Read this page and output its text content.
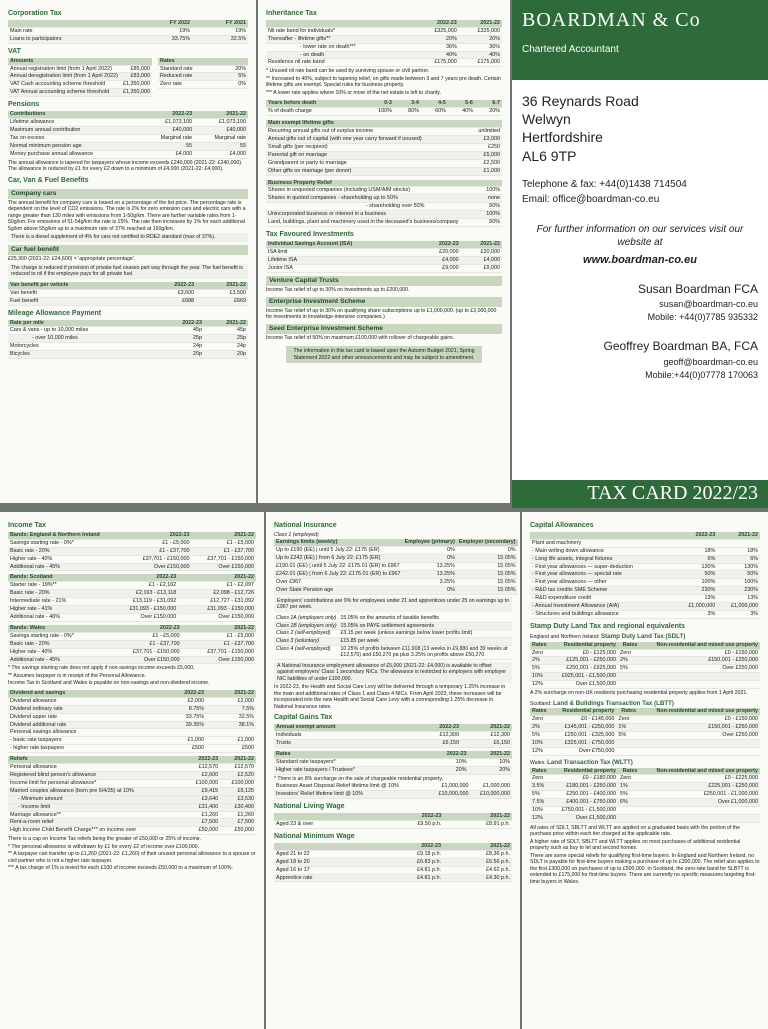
Corporation Tax
	FY 2022	FY 2021
Main rate	19%	19%
Loans to participators	33.75%	32.5%
VAT
Amounts	
Annual registration limit (from 1 April 2022)	£85,000
Annual deregistration limit (from 1 April 2022)	£83,000
VAT Cash accounting scheme threshold	£1,350,000
VAT Annual accounting scheme threshold	£1,350,000
Rates	
Standard rate	20%
Reduced rate	5%
Zero rate	0%
Pensions
Contributions	2022-23	2021-22
Lifetime allowance	£1,073,100	£1,073,100
Maximum annual contribution	£40,000	£40,000
Tax on excess	Marginal rate	Marginal rate
Normal minimum pension age	55	55
Money purchase annual allowance	£4,000	£4,000
The annual allowance is tapered for taxpayers whose income exceeds £240,000 (2021-22: £240,000). The allowance is reduced by £1 for every £2 down to a minimum of £4,000 (2021-22: £4,000).
Car, Van & Fuel Benefits
Company cars
The annual benefit for company cars is based on a percentage of the list price. The percentage rate is dependent on the level of CO2 emissions. The rate is 2% for zero emission cars and electric cars with a range greater than 130 miles with emissions from 1-50g/km. There are further variable rates from 1-50g/km. For emissions of 51-54g/km the rate is 15%. The rate then increases by 1% for each additional 5g/km above 55g/km up to a maximum rate of 37% reached at 160g/km.
There is a diesel supplement of 4% for cars not certified to RDE2 standard (max of 37%).
Car fuel benefit
£25,300 (2021-22: £24,600) × 'appropriate percentage'.
The charge is reduced if provision of private fuel ceases part way through the year. The fuel benefit is reduced to nil if the employee pays for all private fuel.
Van benefit per vehicle	2022-23	2021-22
Van benefit	£3,600	£3,500
Fuel benefit	£688	£669
Mileage Allowance Payment
Rate per mile	2022-23	2021-22
Cars & vans - up to 10,000 miles	45p	45p
- over 10,000 miles	25p	25p
Motorcycles	24p	24p
Bicycles	20p	20p
Inheritance Tax
	2022-23	2021-22
Nil rate band for individuals*	£325,000	£325,000
Thereafter - lifetime gifts**	20%	20%
- lower rate on death***	36%	36%
- on death	40%	40%
Residence nil rate band	£175,000	£175,000
* Unused nil rate band can be used by surviving spouse or civil partner.
** Increased to 40%, subject to tapering relief, on gifts made between 3 and 7 years pre death. Certain lifetime gifts are exempt. Special rules for business property.
*** A lower rate applies where 10% or more of the net estate is left to charity.
Years before death	0-3	3-4	4-5	5-6	6-7
% of death charge	100%	80%	60%	40%	20%
Main exempt lifetime gifts	
Recurring annual gifts out of surplus income	unlimited
Annual gifts out of capital (with one year carry forward if unused)	£3,000
Small gifts (per recipient)	£250
Parental gift on marriage	£5,000
Grandparent or party to marriage	£2,500
Other gifts on marriage (per donor)	£1,000
Business Property Relief	
Shares in unquoted companies (including USM/AIM stocks)	100%
Shares in quoted companies - shareholding up to 50%	none
- shareholding over 50%	50%
Unincorporated business or interest in a business	100%
Land, buildings, plant and machinery used in the deceased's business/company	50%
Tax Favoured Investments
Individual Savings Account (ISA)	2022-23	2021-22
ISA limit	£20,000	£20,000
Lifetime ISA	£4,000	£4,000
Junior ISA	£9,000	£9,000
Venture Capital Trusts
Income Tax relief of up to 30% on investments up to £200,000.
Enterprise Investment Scheme
Income Tax relief of up to 30% on qualifying share subscriptions up to £1,000,000. (up to £2,000,000 for investments in knowledge-intensive companies.)
Seed Enterprise Investment Scheme
Income Tax relief of 50% on maximum £100,000 with rollover of chargeable gains.
The information in this tax card is based upon the Autumn Budget 2021, Spring Statement 2022 and other announcements and may be subject to amendment.
BOARDMAN & Co
Chartered Accountant
36 Reynards Road
Welwyn
Hertfordshire
AL6 9TP
Telephone & fax: +44(0)1438 714504
Email: office@boardman-co.eu
For further information on our services visit our website at
www.boardman-co.eu
Susan Boardman FCA
susan@boardman-co.eu
Mobile: +44(0)7785 935332
Geoffrey Boardman BA, FCA
geoff@boardman-co.eu
Mobile:+44(0)07778 170063
TAX CARD 2022/23
Income Tax
Bands: England & Northern Ireland	2022-23	2021-22
Savings starting rate - 0%*	£1 - £5,000	£1 - £5,000
Basic rate - 20%	£1 - £37,700	£1 - £37,700
Higher rate - 40%	£37,701 - £150,000	£37,701 - £150,000
Additional rate - 45%	Over £150,000	Over £150,000
Bands: Scotland	2022-23	2021-22
Starter rate - 19%**	£1 - £2,162	£1 - £2,097
Basic rate - 20%	£2,163 - £13,118	£2,098 - £12,726
Intermediate rate - 21%	£13,119 - £31,092	£12,727 - £31,092
Higher rate - 41%	£31,093 - £150,000	£31,093 - £150,000
Additional rate - 46%	Over £150,000	Over £150,000
Bands: Wales	2022-23	2021-22
Savings starting rate - 0%*	£1 - £5,000	£1 - £5,000
Basic rate - 20%	£1 - £37,700	£1 - £37,700
Higher rate - 40%	£37,701 - £150,000	£37,701 - £150,000
Additional rate - 45%	Over £150,000	Over £150,000
* The savings starting rate does not apply if non-savings income exceeds £5,000.
** Assumes taxpayer is in receipt of the Personal Allowance.
Income Tax in Scotland and Wales is payable on non-savings and non-dividend income.
Dividend and savings	2022-23	2021-22
Dividend allowance	£2,000	£2,000
Dividend ordinary rate	8.75%	7.5%
Dividend upper rate	33.75%	32.5%
Dividend additional rate	39.35%	38.1%
Personal savings allowance		
- basic rate taxpayers	£1,000	£1,000
- higher rate taxpayers	£500	£500
Reliefs	2022-23	2021-22
Personal allowance	£12,570	£12,570
Registered blind person's allowance	£2,600	£2,520
Income limit for personal allowance*	£100,000	£100,000
Married couples allowance (born pre 6/4/35) at 10%	£9,415	£9,125
- Minimum amount	£3,640	£3,530
- Income limit	£31,400	£30,400
Marriage allowance**	£1,260	£1,260
Rent-a-room relief	£7,500	£7,500
High Income Child Benefit Charge*** on income over	£50,000	£50,000
There is a cap on Income Tax reliefs being the greater of £50,000 or 25% of income.
* The personal allowance is withdrawn by £1 for every £2 of income over £100,000.
** A taxpayer can transfer up to £1,260 (2021-22: £1,260) of their unused personal allowance to a spouse or civil partner who is not a higher rate taxpayer.
*** A tax charge of 1% is levied for each £100 of income exceeds £50,000 to a maximum of 100%.
National Insurance
Class 1 (employed)
Earnings limits (weekly)	Employee (primary)	Employer (secondary)
Up to £190 (EE) | until 5 July 22: £175 (ER)	0%	0%
Up to £242 (EE) | from 6 July 22: £175 (ER)	0%	15.05%
£190.01 (EE) | until 5 July 22: £175.01 (ER) to £967	13.25%	15.05%
£242.01 (EE) | from 6 July 22: £175.01 (ER) to £967	13.25%	15.05%
Over £967	3.25%	15.05%
Over State Pension age	0%	15.05%
Employers' contributions are 0% for employees under 21 and apprentices under 25 on earnings up to £967 per week.
Class 1A (employers only)	15.05% on the amounts of taxable benefits
Class 1B (employers only)	15.05% on PAYE settlement agreements
Class 2 (self-employed)	£3.15 per week (unless earnings below lower profits limit)
Class 3 (voluntary)	£15.85 per week
Class 4 (self-employed)	10.25% of profits between £11,908 (13 weeks in £9,880 and 39 weeks at £12,570) and £50,270 pa plus 3.25% on profits above £50,270
A National Insurance employment allowance of £5,000 (2021-22: £4,000) is available to offset against employers' Class 1 secondary NICs. The allowance is restricted to employers with employer NIC liabilities of under £100,000.
In 2022-23, the Health and Social Care Levy will be delivered through a temporary 1.25% increase in the main and additional rates of Class 1 and Class 4 NICs. From April 2023, these increases will be incorporated into the new Health and Social Care Levy with a corresponding 1.25% decrease in National Insurance rates.
Capital Gains Tax
Annual exempt amount	2022-23	2021-22
Individuals	£12,300	£12,300
Trusts	£6,150	£6,150
Rates	2022-23	2021-22
Standard rate taxpayers*	10%	10%
Higher rate taxpayers / Trustees*	20%	20%
* There is an 8% surcharge on the sale of chargeable residential property.
Business Asset Disposal Relief lifetime limit @ 10%	£1,000,000	£1,000,000
Investors' Relief lifetime limit @ 10%	£10,000,000	£10,000,000
National Living Wage
	2022-23	2021-22
Aged 23 & over	£9.50 p.h.	£8.91 p.h.
National Minimum Wage
	2022-23	2021-22
Aged 21 to 22	£9.18 p.h.	£8.36 p.h.
Aged 18 to 20	£6.83 p.h.	£6.56 p.h.
Aged 16 to 17	£4.81 p.h.	£4.62 p.h.
Apprentice rate	£4.81 p.h.	£4.30 p.h.
Capital Allowances
	2022-23	2021-22
Plant and machinery		
- Main writing down allowance	18%	18%
- Long life assets, integral fixtures	6%	6%
- First year allowances — super-deduction	130%	130%
- First year allowances — special rate	50%	50%
- First year allowances — other	100%	100%
- R&D tax credits SME Scheme	230%	230%
- R&D expenditure credit	13%	13%
- Annual Investment Allowance (AIA)	£1,000,000	£1,000,000
- Structures and buildings allowance	3%	3%
Stamp Duty Land Tax and regional equivalents
England and Northern Ireland: Stamp Duty Land Tax (SDLT)
Rates	Residential property	Rates	Non-residential and mixed use property
Zero	£0 - £125,000	Zero	£0 - £150,000
2%	£125,001 - £250,000	2%	£150,001 - £250,000
5%	£250,001 - £925,000	5%	Over £250,000
10%	£925,001 - £1,500,000		
12%	Over £1,500,000		
A 2% surcharge on non-UK residents purchasing residential property applies from 1 April 2021.
Scotland: Land & Buildings Transaction Tax (LBTT)
Rates	Residential property	Rates	Non-residential and mixed use property
Zero	£0 - £145,000	Zero	£0 - £150,000
2%	£145,001 - £250,000	1%	£150,001 - £250,000
5%	£250,001 - £325,000	5%	Over £250,000
10%	£325,001 - £750,000		
12%	Over £750,000		
Wales: Land Transaction Tax (WLTT)
Rates	Residential property	Rates	Non-residential and mixed use property
Zero	£0 - £180,000	Zero	£0 - £225,000
3.5%	£180,001 - £250,000	1%	£225,001 - £250,000
5%	£250,001 - £400,000	5%	£250,001 - £1,000,000
7.5%	£400,001 - £750,000	6%	Over £1,000,000
10%	£750,001 - £1,500,000		
12%	Over £1,500,000		
All rates of SDLT, SBLTT and WLTT are applied on a graduated basis with the portion of the purchase price within each tier charged at the applicable rate.
A higher rate of SDLT, SBLTT and WLTT applies on most purchases of additional residential property such as buy to let and second homes.
There are some special reliefs for qualifying first-time buyers. In England and Northern Ireland, no SDLT is payable for first-time buyers making a purchase of up to £300,000. The relief also applies to the first £300,000 on purchases of up to £500,000. In Scotland, the zero-rate band for SLBTT is extended to £175,000 for first-time buyers. There are currently no specific measures targeting first-time buyers in Wales.
